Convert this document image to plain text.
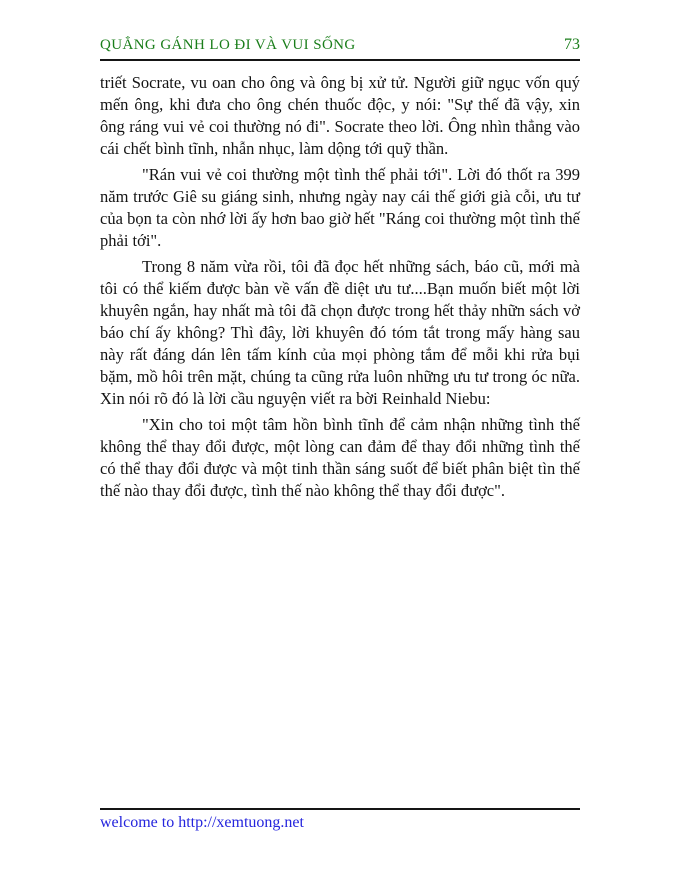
QUẲNG GÁNH LO ĐI VÀ VUI SỐNG	73

triết Socrate, vu oan cho ông và ông bị xử tử. Người giữ ngục vốn quý mến ông, khi đưa cho ông chén thuốc độc, y nói: "Sự thế đã vậy, xin ông ráng vui vẻ coi thường nó đi". Socrate theo lời. Ông nhìn thẳng vào cái chết bình tĩnh, nhẫn nhục, làm dộng tới quỹ thần.

"Rán vui vẻ coi thường một tình thế phải tới". Lời đó thốt ra 399 năm trước Giê su giáng sinh, nhưng ngày nay cái thế giới già cỗi, ưu tư của bọn ta còn nhớ lời ấy hơn bao giờ hết "Ráng coi thường một tình thế phải tới".

Trong 8 năm vừa rồi, tôi đã đọc hết những sách, báo cũ, mới mà tôi có thể kiếm được bàn về vấn đề diệt ưu tư....Bạn muốn biết một lời khuyên ngắn, hay nhất mà tôi đã chọn được trong hết thảy nhữn sách vở báo chí ấy không? Thì đây, lời khuyên đó tóm tắt trong mấy hàng sau này rất đáng dán lên tấm kính của mọi phòng tắm để mỗi khi rửa bụi bặm, mồ hôi trên mặt, chúng ta cũng rửa luôn những ưu tư trong óc nữa. Xin nói rõ đó là lời cầu nguyện viết ra bời Reinhald Niebu:

"Xin cho toi một tâm hồn bình tĩnh để cảm nhận những tình thế không thể thay đổi được, một lòng can đảm để thay đổi những tình thế có thể thay đổi được và một tinh thần sáng suốt để biết phân biệt tìn thế thế nào thay đổi được, tình thế nào không thể thay đổi được".

welcome to http://xemtuong.net
